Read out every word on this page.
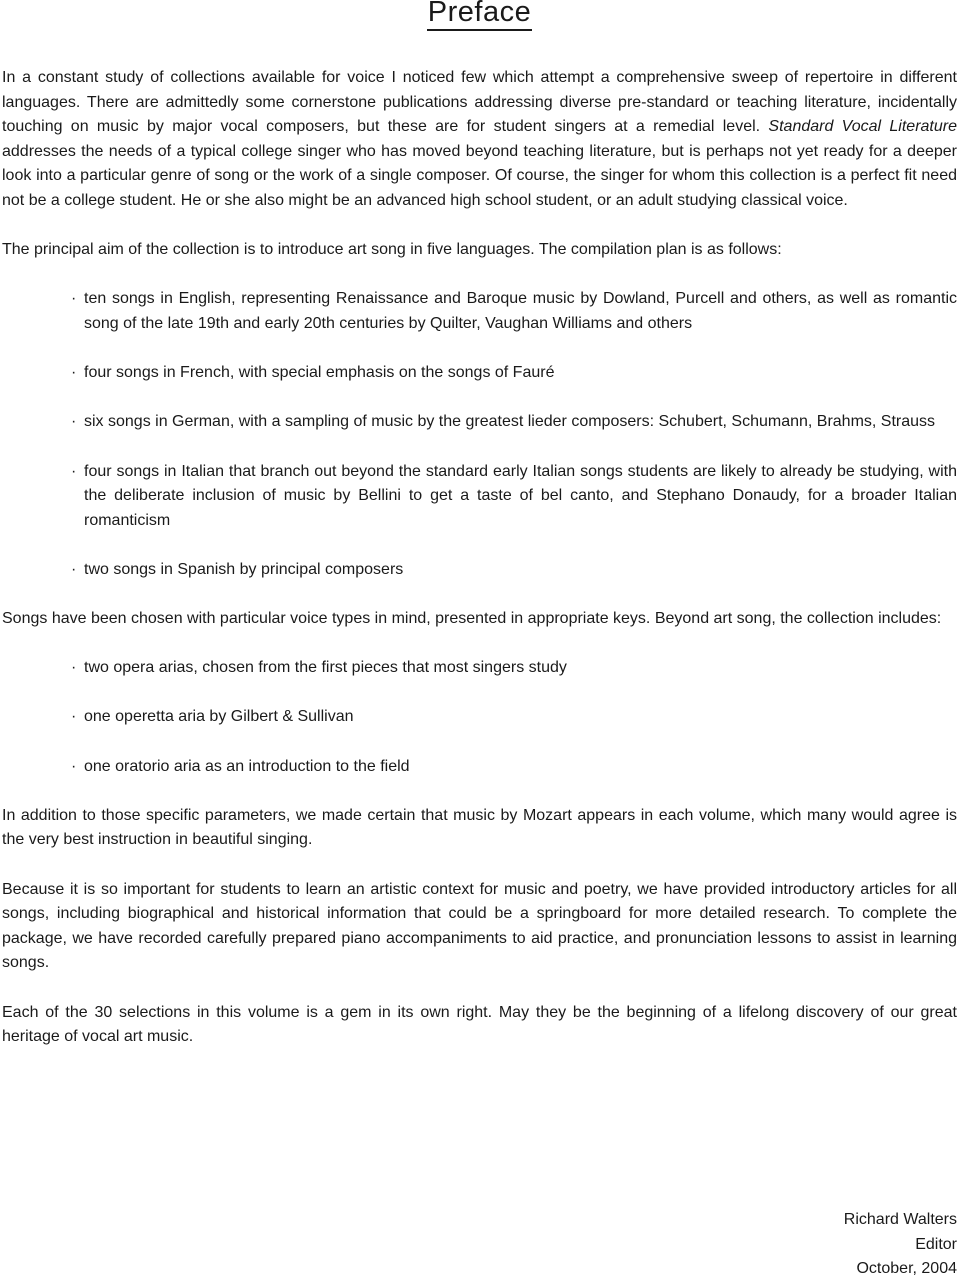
Preface

In a constant study of collections available for voice I noticed few which attempt a comprehensive sweep of repertoire in different languages. There are admittedly some cornerstone publications addressing diverse pre-standard or teaching literature, incidentally touching on music by major vocal composers, but these are for student singers at a remedial level. Standard Vocal Literature addresses the needs of a typical college singer who has moved beyond teaching literature, but is perhaps not yet ready for a deeper look into a particular genre of song or the work of a single composer. Of course, the singer for whom this collection is a perfect fit need not be a college student. He or she also might be an advanced high school student, or an adult studying classical voice.

The principal aim of the collection is to introduce art song in five languages. The compilation plan is as follows:

· ten songs in English, representing Renaissance and Baroque music by Dowland, Purcell and others, as well as romantic song of the late 19th and early 20th centuries by Quilter, Vaughan Williams and others
· four songs in French, with special emphasis on the songs of Fauré
· six songs in German, with a sampling of music by the greatest lieder composers: Schubert, Schumann, Brahms, Strauss
· four songs in Italian that branch out beyond the standard early Italian songs students are likely to already be studying, with the deliberate inclusion of music by Bellini to get a taste of bel canto, and Stephano Donaudy, for a broader Italian romanticism
· two songs in Spanish by principal composers

Songs have been chosen with particular voice types in mind, presented in appropriate keys. Beyond art song, the collection includes:

· two opera arias, chosen from the first pieces that most singers study
· one operetta aria by Gilbert & Sullivan
· one oratorio aria as an introduction to the field

In addition to those specific parameters, we made certain that music by Mozart appears in each volume, which many would agree is the very best instruction in beautiful singing.

Because it is so important for students to learn an artistic context for music and poetry, we have provided introductory articles for all songs, including biographical and historical information that could be a springboard for more detailed research. To complete the package, we have recorded carefully prepared piano accompaniments to aid practice, and pronunciation lessons to assist in learning songs.

Each of the 30 selections in this volume is a gem in its own right. May they be the beginning of a lifelong discovery of our great heritage of vocal art music.

Richard Walters
Editor
October, 2004
